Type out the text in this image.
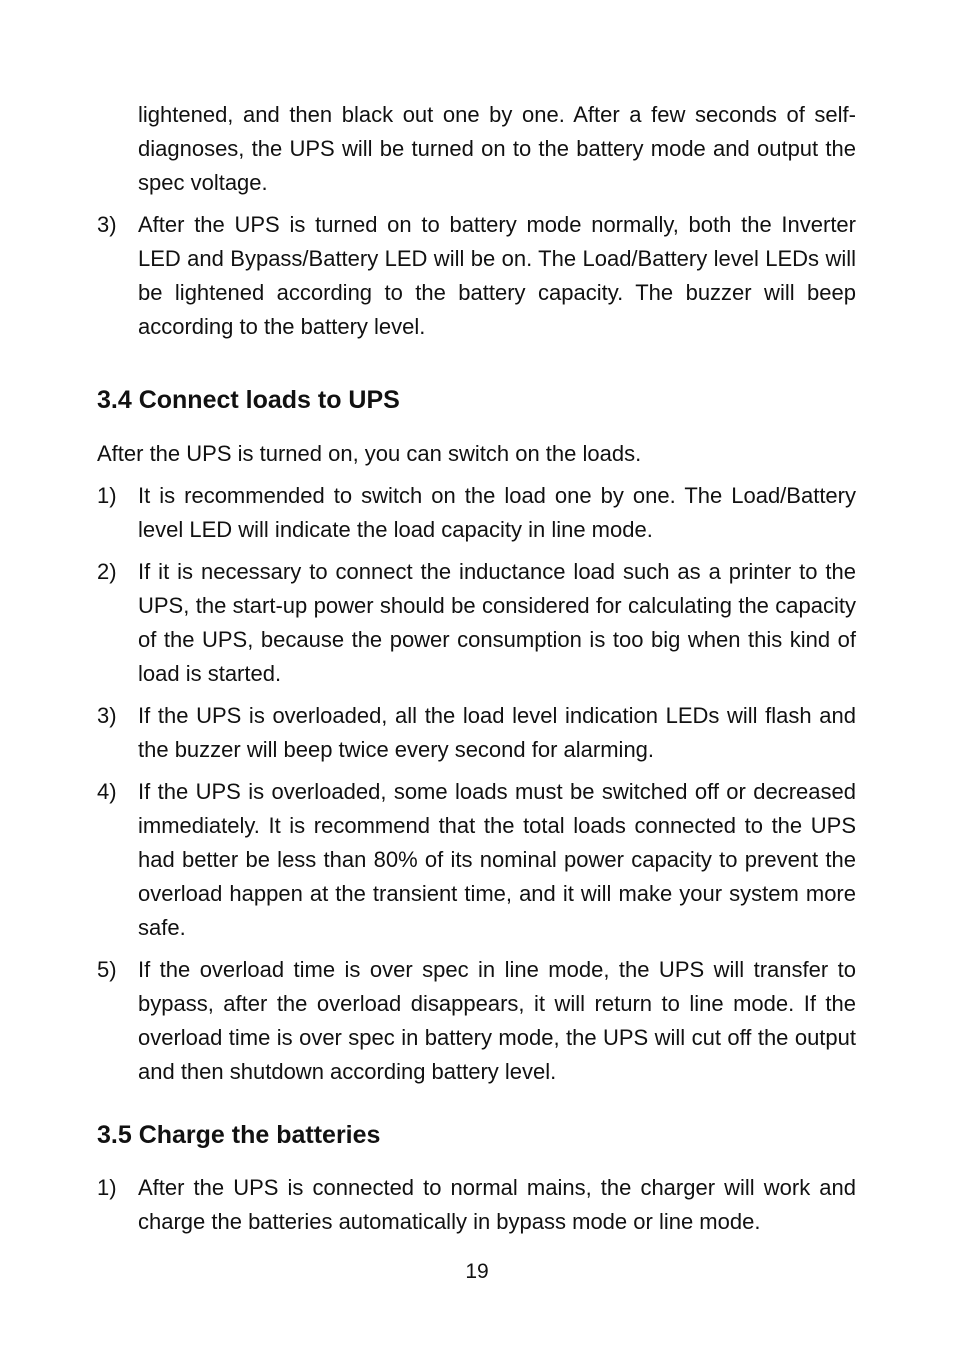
lightened, and then black out one by one. After a few seconds of self-diagnoses, the UPS will be turned on to the battery mode and output the spec voltage.

3) After the UPS is turned on to battery mode normally, both the Inverter LED and Bypass/Battery LED will be on. The Load/Battery level LEDs will be lightened according to the battery capacity. The buzzer will beep according to the battery level.
3.4 Connect loads to UPS

After the UPS is turned on, you can switch on the loads.

1) It is recommended to switch on the load one by one. The Load/Battery level LED will indicate the load capacity in line mode.
2) If it is necessary to connect the inductance load such as a printer to the UPS, the start-up power should be considered for calculating the capacity of the UPS, because the power consumption is too big when this kind of load is started.
3) If the UPS is overloaded, all the load level indication LEDs will flash and the buzzer will beep twice every second for alarming.
4) If the UPS is overloaded, some loads must be switched off or decreased immediately. It is recommend that the total loads connected to the UPS had better be less than 80% of its nominal power capacity to prevent the overload happen at the transient time, and it will make your system more safe.
5) If the overload time is over spec in line mode, the UPS will transfer to bypass, after the overload disappears, it will return to line mode. If the overload time is over spec in battery mode, the UPS will cut off the output and then shutdown according battery level.
3.5 Charge the batteries
1) After the UPS is connected to normal mains, the charger will work and charge the batteries automatically in bypass mode or line mode.
19
